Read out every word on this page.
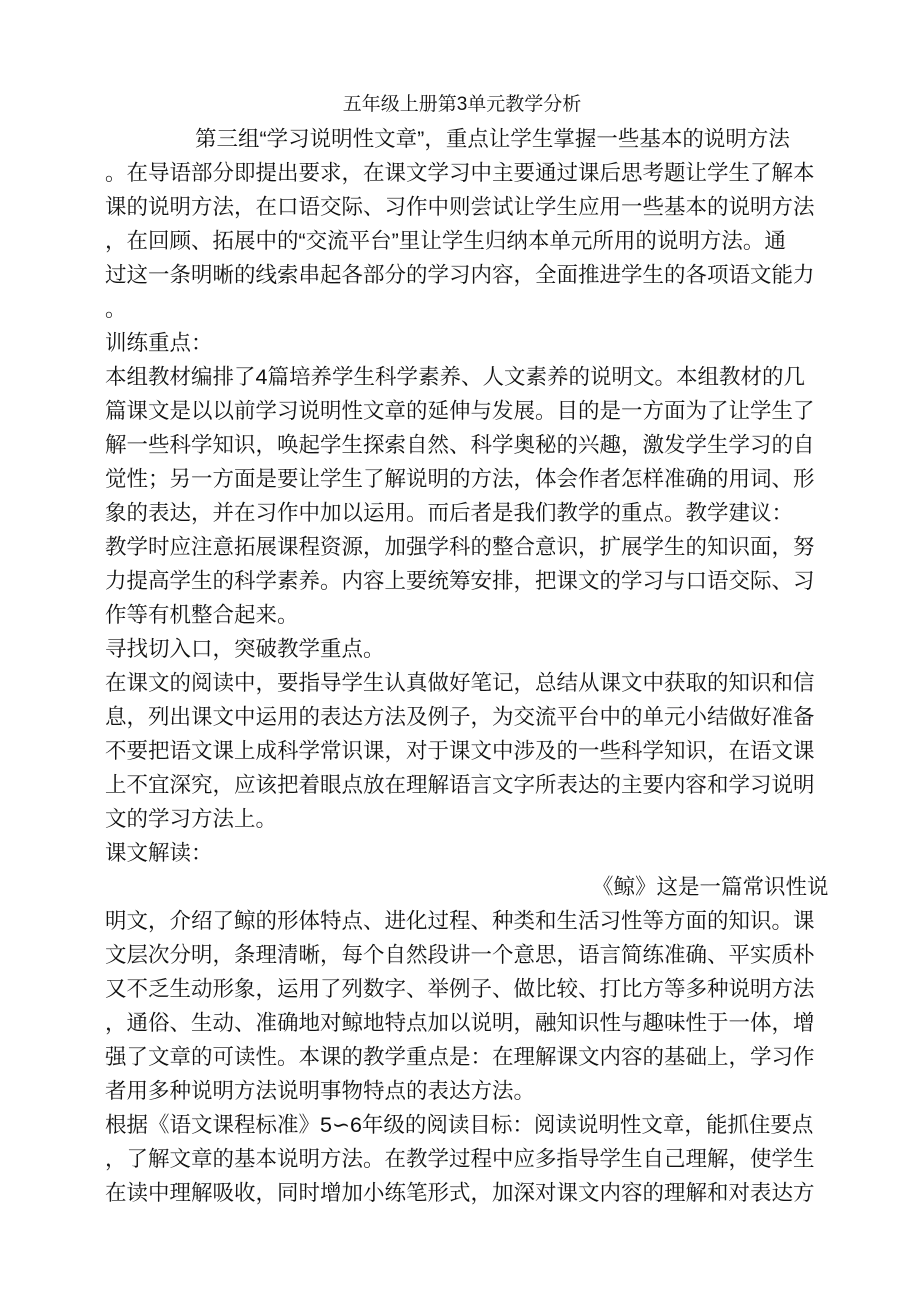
五年级上册第3单元教学分析
第三组“学习说明性文章”，重点让学生掌握一些基本的说明方法
。在导语部分即提出要求，在课文学习中主要通过课后思考题让学生了解本
课的说明方法，在口语交际、习作中则尝试让学生应用一些基本的说明方法
，在回顾、拓展中的“交流平台”里让学生归纳本单元所用的说明方法。通
过这一条明晰的线索串起各部分的学习内容，全面推进学生的各项语文能力
。
训练重点：
本组教材编排了4篇培养学生科学素养、人文素养的说明文。本组教材的几
篇课文是以以前学习说明性文章的延伸与发展。目的是一方面为了让学生了
解一些科学知识，唤起学生探索自然、科学奥秘的兴趣，激发学生学习的自
觉性；另一方面是要让学生了解说明的方法，体会作者怎样准确的用词、形
象的表达，并在习作中加以运用。而后者是我们教学的重点。教学建议：
教学时应注意拓展课程资源，加强学科的整合意识，扩展学生的知识面，努
力提高学生的科学素养。内容上要统筹安排，把课文的学习与口语交际、习
作等有机整合起来。
寻找切入口，突破教学重点。
在课文的阅读中，要指导学生认真做好笔记，总结从课文中获取的知识和信
息，列出课文中运用的表达方法及例子，为交流平台中的单元小结做好准备
不要把语文课上成科学常识课，对于课文中涉及的一些科学知识，在语文课
上不宜深究，应该把着眼点放在理解语言文字所表达的主要内容和学习说明
文的学习方法上。
课文解读：
《鲸》这是一篇常识性说
明文，介绍了鲸的形体特点、进化过程、种类和生活习性等方面的知识。课
文层次分明，条理清晰，每个自然段讲一个意思，语言简练准确、平实质朴
又不乏生动形象，运用了列数字、举例子、做比较、打比方等多种说明方法
，通俗、生动、准确地对鲸地特点加以说明，融知识性与趣味性于一体，增
强了文章的可读性。本课的教学重点是：在理解课文内容的基础上，学习作
者用多种说明方法说明事物特点的表达方法。
根据《语文课程标准》5∽6年级的阅读目标：阅读说明性文章，能抓住要点
，了解文章的基本说明方法。在教学过程中应多指导学生自己理解，使学生
在读中理解吸收，同时增加小练笔形式，加深对课文内容的理解和对表达方
